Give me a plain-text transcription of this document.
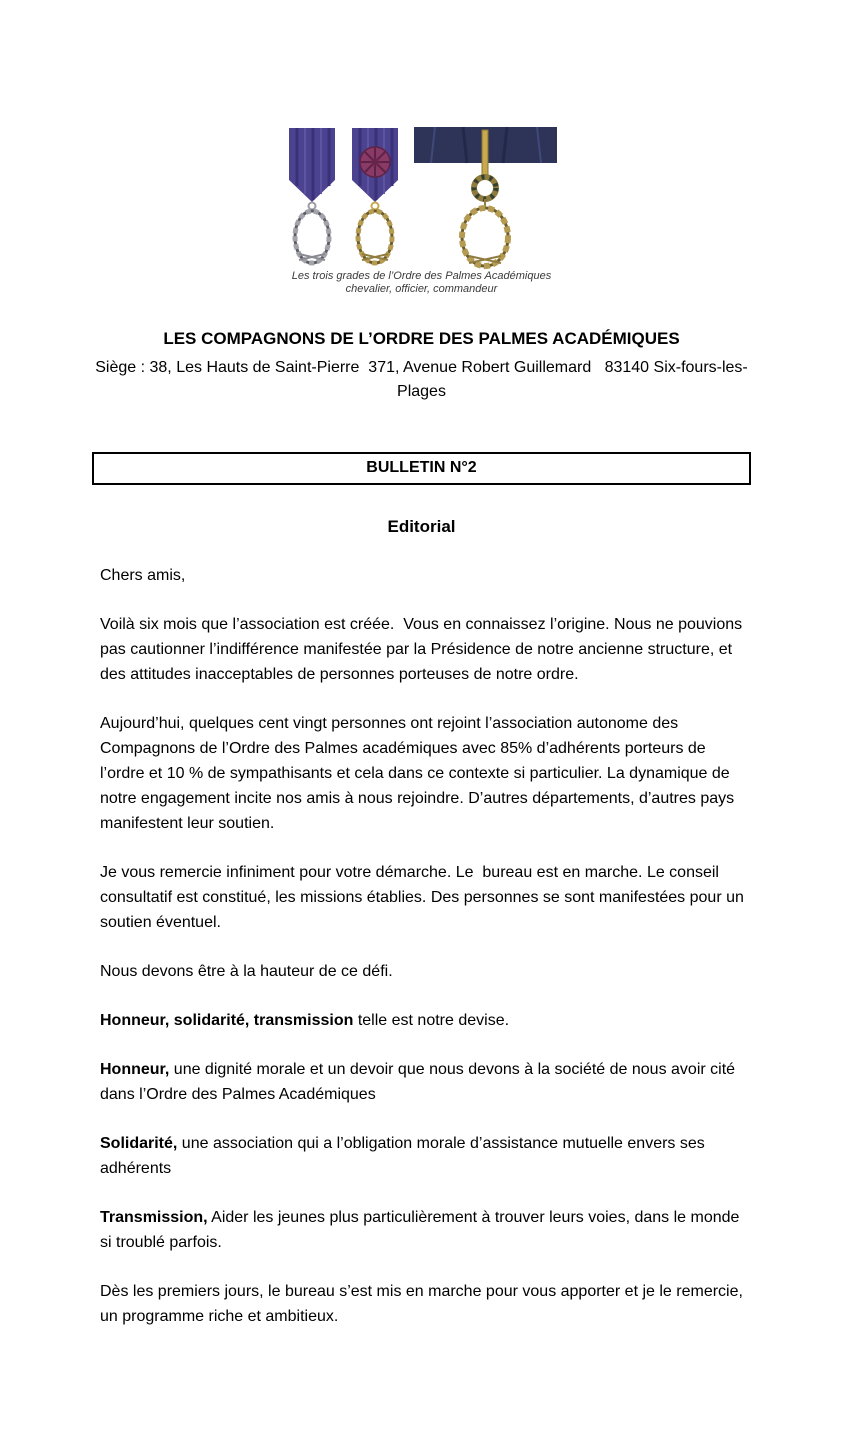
Les trois grades de l’Ordre des Palmes Académiques
chevalier, officier, commandeur
LES COMPAGNONS DE L’ORDRE DES PALMES ACADÉMIQUES
Siège : 38, Les Hauts de Saint-Pierre  371, Avenue Robert Guillemard   83140 Six-fours-les-
Plages
BULLETIN N°2
Editorial

Chers amis,

Voilà six mois que l’association est créée.  Vous en connaissez l’origine. Nous ne pouvions pas cautionner l’indifférence manifestée par la Présidence de notre ancienne structure, et des attitudes inacceptables de personnes porteuses de notre ordre.

Aujourd’hui, quelques cent vingt personnes ont rejoint l’association autonome des Compagnons de l’Ordre des Palmes académiques avec 85% d’adhérents porteurs de l’ordre et 10 % de sympathisants et cela dans ce contexte si particulier. La dynamique de notre engagement incite nos amis à nous rejoindre. D’autres départements, d’autres pays manifestent leur soutien.

Je vous remercie infiniment pour votre démarche. Le  bureau est en marche. Le conseil consultatif est constitué, les missions établies. Des personnes se sont manifestées pour un soutien éventuel.

Nous devons être à la hauteur de ce défi.

Honneur, solidarité, transmission telle est notre devise.

Honneur, une dignité morale et un devoir que nous devons à la société de nous avoir cité dans l’Ordre des Palmes Académiques

Solidarité, une association qui a l’obligation morale d’assistance mutuelle envers ses adhérents

Transmission, Aider les jeunes plus particulièrement à trouver leurs voies, dans le monde si troublé parfois.

Dès les premiers jours, le bureau s’est mis en marche pour vous apporter et je le remercie, un programme riche et ambitieux.
